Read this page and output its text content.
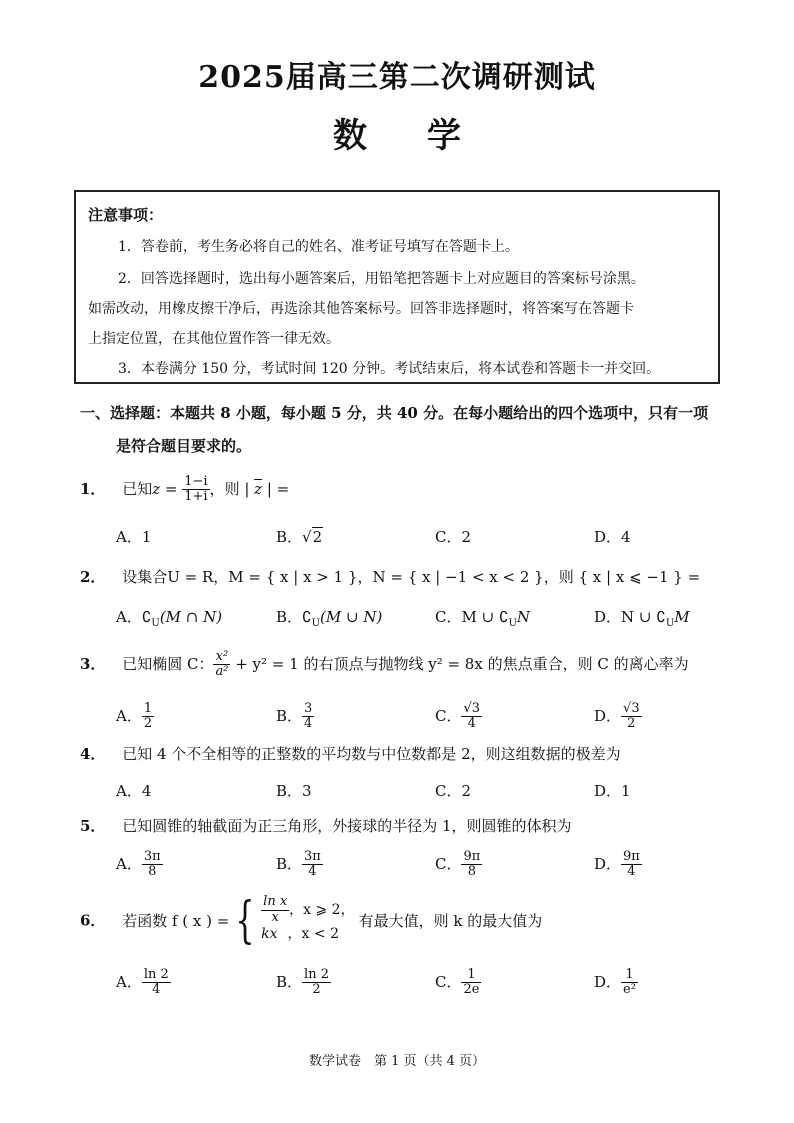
2025届高三第二次调研测试
数学
注意事项：
1．答卷前，考生务必将自己的姓名、准考证号填写在答题卡上。
2．回答选择题时，选出每小题答案后，用铅笔把答题卡上对应题目的答案标号涂黑。
如需改动，用橡皮擦干净后，再选涂其他答案标号。回答非选择题时，将答案写在答题卡
上指定位置，在其他位置作答一律无效。
3．本卷满分 150 分，考试时间 120 分钟。考试结束后，将本试卷和答题卡一并交回。
一、选择题：本题共 8 小题，每小题 5 分，共 40 分。在每小题给出的四个选项中，只有一项
是符合题目要求的。
1． 已知$z = \frac{1-i}{1+i}$ ，则 | $\overline{z}$ | =
A．1	B．√2	C．2	D．4
2． 设集合U = R，M = { x | x > 1 }，N = { x | −1 < x < 2 }，则 { x | x ⩽ −1 } =
A．$∁_U(M$ ∩ N)	B．$∁_U(M$ ∪ N)	C．M ∪ $∁_UN$	D．N ∪ $∁_UM$
3． 已知椭圆 C： $\frac{\text{x²}}{\text{a²}} + y^2 = 1$ 的右顶点与抛物线 y² = 8x 的焦点重合，则 C 的离心率为
A． $\frac{1}{2}$	B． $\frac{3}{4}$	C． $\frac{√3}{4}$	D． $\frac{√3}{2}$
4． 已知 4 个不全相等的正整数的平均数与中位数都是 2，则这组数据的极差为
A．4	B．3	C．2	D．1
5． 已知圆锥的轴截面为正三角形，外接球的半径为 1，则圆锥的体积为
A． $\frac{3\pi}{8}$	B． $\frac{3\pi}{4}$	C． $\frac{9\pi}{8}$	D． $\frac{9\pi}{4}$
6． 若函数 f ( x ) = { $\frac{\text{ln x}}{x}$ ，x ⩾ 2，
kx ，x < 2
有最大值，则 k 的最大值为
A． $\frac{\ln 2}{4}$	B． $\frac{\ln 2}{2}$	C． $\frac{1}{2e}$	D． $\frac{1}{\text{e²}}$
数学试卷　第 1 页（共 4 页）
